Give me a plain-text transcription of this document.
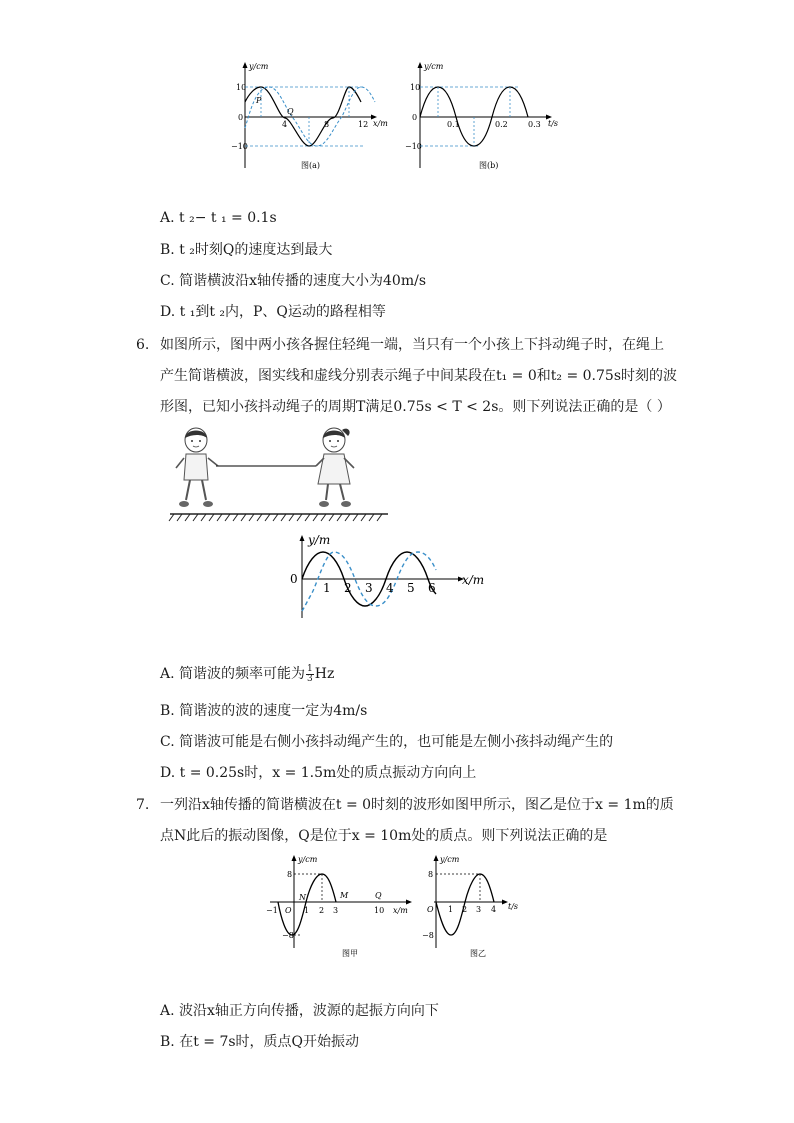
y/cm
x/m
10
0
−10
P
Q
4	8	12
图(a)
y/cm
t/s
10
0
−10
0.1	0.2	0.3
图(b)
A. t ₂− t ₁ = 0.1s
B. t ₂时刻Q的速度达到最大
C. 简谐横波沿x轴传播的速度大小为40m/s
D. t ₁到t ₂内，P、Q运动的路程相等
6. 如图所示，图中两小孩各握住轻绳一端，当只有一个小孩上下抖动绳子时，在绳上
产生简谐横波，图实线和虚线分别表示绳子中间某段在t₁ = 0和t₂ = 0.75s时刻的波
形图，已知小孩抖动绳子的周期T满足0.75s < T < 2s。则下列说法正确的是（ ）
y/m
x/m
0
1 2 3 4 5 6
A. 简谐波的频率可能为 $\frac{1}{3}$ Hz
B. 简谐波的波的速度一定为4m/s
C. 简谐波可能是右侧小孩抖动绳产生的，也可能是左侧小孩抖动绳产生的
D. t = 0.25s时，x = 1.5m处的质点振动方向向上
7. 一列沿x轴传播的简谐横波在t = 0时刻的波形如图甲所示，图乙是位于x = 1m的质
点N此后的振动图像，Q是位于x = 10m处的质点。则下列说法正确的是
y/cm
x/m
8
−8
−1 O 1 2 3	10
N	M	Q
图甲
y/cm
t/s
8
O
−8
1 2 3 4
图乙
A. 波沿x轴正方向传播，波源的起振方向向下
B. 在t = 7s时，质点Q开始振动
